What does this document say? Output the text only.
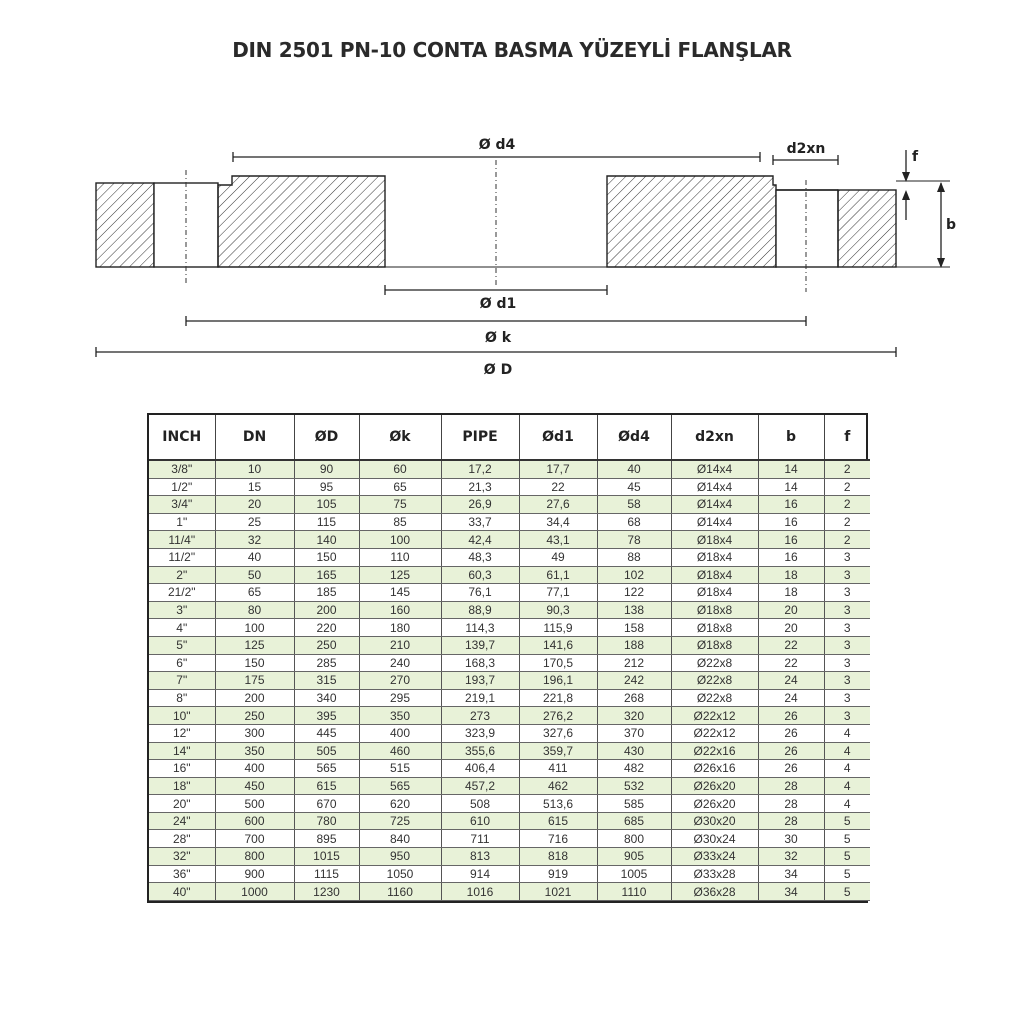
DIN 2501 PN-10 CONTA BASMA YÜZEYLİ FLANŞLAR
Ø d4	d2xn	f
b
Ø d1
Ø k
Ø D
INCH	DN	ØD	Øk	PIPE	Ød1	Ød4	d2xn	b	f
3/8"	10	90	60	17,2	17,7	40	Ø14x4	14	2
1/2"	15	95	65	21,3	22	45	Ø14x4	14	2
3/4"	20	105	75	26,9	27,6	58	Ø14x4	16	2
1"	25	115	85	33,7	34,4	68	Ø14x4	16	2
11/4"	32	140	100	42,4	43,1	78	Ø18x4	16	2
11/2"	40	150	110	48,3	49	88	Ø18x4	16	3
2"	50	165	125	60,3	61,1	102	Ø18x4	18	3
21/2"	65	185	145	76,1	77,1	122	Ø18x4	18	3
3"	80	200	160	88,9	90,3	138	Ø18x8	20	3
4"	100	220	180	114,3	115,9	158	Ø18x8	20	3
5"	125	250	210	139,7	141,6	188	Ø18x8	22	3
6"	150	285	240	168,3	170,5	212	Ø22x8	22	3
7"	175	315	270	193,7	196,1	242	Ø22x8	24	3
8"	200	340	295	219,1	221,8	268	Ø22x8	24	3
10"	250	395	350	273	276,2	320	Ø22x12	26	3
12"	300	445	400	323,9	327,6	370	Ø22x12	26	4
14"	350	505	460	355,6	359,7	430	Ø22x16	26	4
16"	400	565	515	406,4	411	482	Ø26x16	26	4
18"	450	615	565	457,2	462	532	Ø26x20	28	4
20"	500	670	620	508	513,6	585	Ø26x20	28	4
24"	600	780	725	610	615	685	Ø30x20	28	5
28"	700	895	840	711	716	800	Ø30x24	30	5
32"	800	1015	950	813	818	905	Ø33x24	32	5
36"	900	1115	1050	914	919	1005	Ø33x28	34	5
40"	1000	1230	1160	1016	1021	1110	Ø36x28	34	5
